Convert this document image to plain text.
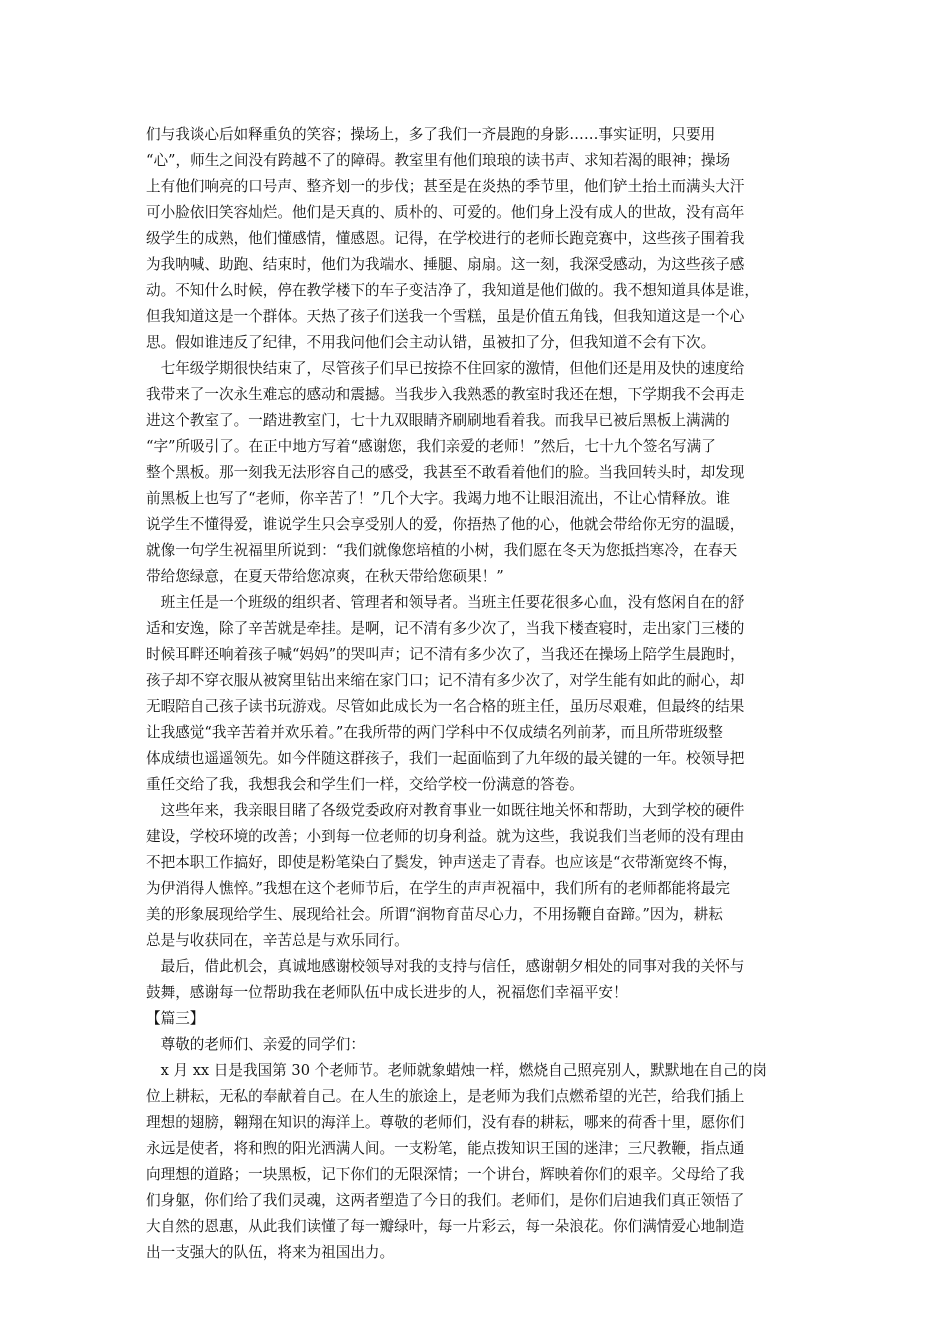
们与我谈心后如释重负的笑容；操场上，多了我们一齐晨跑的身影……事实证明，只要用
“心”，师生之间没有跨越不了的障碍。教室里有他们琅琅的读书声、求知若渴的眼神；操场
上有他们响亮的口号声、整齐划一的步伐；甚至是在炎热的季节里，他们铲土抬土而满头大汗
可小脸依旧笑容灿烂。他们是天真的、质朴的、可爱的。他们身上没有成人的世故，没有高年
级学生的成熟，他们懂感情，懂感恩。记得，在学校进行的老师长跑竞赛中，这些孩子围着我
为我呐喊、助跑、结束时，他们为我端水、捶腿、扇扇。这一刻，我深受感动，为这些孩子感
动。不知什么时候，停在教学楼下的车子变洁净了，我知道是他们做的。我不想知道具体是谁，
但我知道这是一个群体。天热了孩子们送我一个雪糕，虽是价值五角钱，但我知道这是一个心
思。假如谁违反了纪律，不用我问他们会主动认错，虽被扣了分，但我知道不会有下次。
　七年级学期很快结束了，尽管孩子们早已按捺不住回家的激情，但他们还是用及快的速度给
我带来了一次永生难忘的感动和震撼。当我步入我熟悉的教室时我还在想，下学期我不会再走
进这个教室了。一踏进教室门，七十九双眼睛齐刷刷地看着我。而我早已被后黑板上满满的
“字”所吸引了。在正中地方写着“感谢您，我们亲爱的老师！”然后，七十九个签名写满了
整个黑板。那一刻我无法形容自己的感受，我甚至不敢看着他们的脸。当我回转头时，却发现
前黑板上也写了“老师，你辛苦了！”几个大字。我竭力地不让眼泪流出，不让心情释放。谁
说学生不懂得爱，谁说学生只会享受别人的爱，你捂热了他的心，他就会带给你无穷的温暖，
就像一句学生祝福里所说到：“我们就像您培植的小树，我们愿在冬天为您抵挡寒冷，在春天
带给您绿意，在夏天带给您凉爽，在秋天带给您硕果！”
　班主任是一个班级的组织者、管理者和领导者。当班主任要花很多心血，没有悠闲自在的舒
适和安逸，除了辛苦就是牵挂。是啊，记不清有多少次了，当我下楼查寝时，走出家门三楼的
时候耳畔还响着孩子喊“妈妈”的哭叫声；记不清有多少次了，当我还在操场上陪学生晨跑时，
孩子却不穿衣服从被窝里钻出来缩在家门口；记不清有多少次了，对学生能有如此的耐心，却
无暇陪自己孩子读书玩游戏。尽管如此成长为一名合格的班主任，虽历尽艰难，但最终的结果
让我感觉“我辛苦着并欢乐着。”在我所带的两门学科中不仅成绩名列前茅，而且所带班级整
体成绩也遥遥领先。如今伴随这群孩子，我们一起面临到了九年级的最关键的一年。校领导把
重任交给了我，我想我会和学生们一样，交给学校一份满意的答卷。
　这些年来，我亲眼目睹了各级党委政府对教育事业一如既往地关怀和帮助，大到学校的硬件
建设，学校环境的改善；小到每一位老师的切身利益。就为这些，我说我们当老师的没有理由
不把本职工作搞好，即使是粉笔染白了鬓发，钟声送走了青春。也应该是“衣带渐宽终不悔，
为伊消得人憔悴。”我想在这个老师节后，在学生的声声祝福中，我们所有的老师都能将最完
美的形象展现给学生、展现给社会。所谓“润物育苗尽心力，不用扬鞭自奋蹄。”因为，耕耘
总是与收获同在，辛苦总是与欢乐同行。
　最后，借此机会，真诚地感谢校领导对我的支持与信任，感谢朝夕相处的同事对我的关怀与
鼓舞，感谢每一位帮助我在老师队伍中成长进步的人，祝福您们幸福平安！
【篇三】
　尊敬的老师们、亲爱的同学们：
　x 月 xx 日是我国第 30 个老师节。老师就象蜡烛一样，燃烧自己照亮别人，默默地在自己的岗
位上耕耘，无私的奉献着自己。在人生的旅途上，是老师为我们点燃希望的光芒，给我们插上
理想的翅膀，翱翔在知识的海洋上。尊敬的老师们，没有春的耕耘，哪来的荷香十里，愿你们
永远是使者，将和煦的阳光洒满人间。一支粉笔，能点拨知识王国的迷津；三尺教鞭，指点通
向理想的道路；一块黑板，记下你们的无限深情；一个讲台，辉映着你们的艰辛。父母给了我
们身躯，你们给了我们灵魂，这两者塑造了今日的我们。老师们，是你们启迪我们真正领悟了
大自然的恩惠，从此我们读懂了每一瓣绿叶，每一片彩云，每一朵浪花。你们满情爱心地制造
出一支强大的队伍，将来为祖国出力。
